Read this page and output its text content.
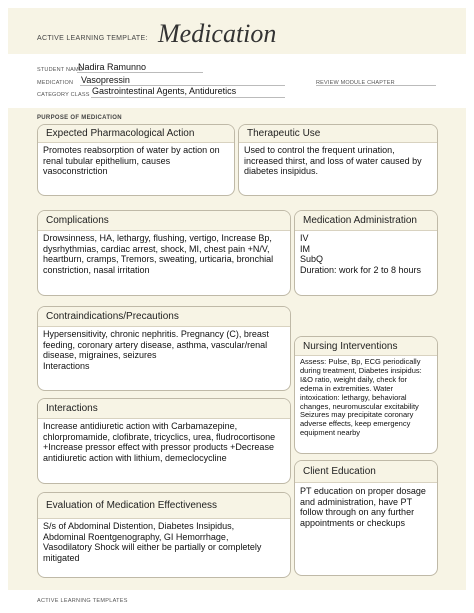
ACTIVE LEARNING TEMPLATE: Medication
STUDENT NAME
Nadira Ramunno
MEDICATION Vasopressin	REVIEW MODULE CHAPTER
CATEGORY CLASS Gastrointestinal Agents, Antiduretics
PURPOSE OF MEDICATION
Expected Pharmacological Action
Promotes reabsorption of water by action on
renal tubular epithelium, causes
vasoconstriction
Therapeutic Use
Used to control the frequent urination,
increased thirst, and loss of water caused by
diabetes insipidus.
Complications
Drowsinness, HA, lethargy, flushing, vertigo, Increase Bp,
dysrhythmias, cardiac arrest, shock, MI, chest pain +N/V,
heartburn, cramps, Tremors, sweating, urticaria, bronchial
constriction, nasal irritation
Medication Administration
IV
IM
SubQ
Duration: work for 2 to 8 hours
Contraindications/Precautions
Hypersensitivity, chronic nephritis. Pregnancy (C), breast
feeding, coronary artery disease, asthma, vascular/renal
disease, migraines, seizures
Interactions
Nursing Interventions
Assess: Pulse, Bp, ECG periodically
during treatment, Diabetes insipidus:
I&O ratio, weight daily, check for
edema in extremities. Water
intoxication: lethargy, behavioral
changes, neuromuscular excitability
Seizures may precipitate coronary
adverse effects, keep emergency
equipment nearby
Interactions
Increase antidiuretic action with Carbamazepine,
chlorpromamide, clofibrate, tricyclics, urea, fludrocortisone
+Increase pressor effect with pressor products +Decrease
antidiuretic action with lithium, demeclocycline
Client Education
PT education on proper dosage
and administration, have PT
follow through on any further
appointments or checkups
Evaluation of Medication Effectiveness
S/s of Abdominal Distention, Diabetes Insipidus,
Abdominal Roentgenography, GI Hemorrhage,
Vasodilatory Shock will either be partially or completely
mitigated
ACTIVE LEARNING TEMPLATES
